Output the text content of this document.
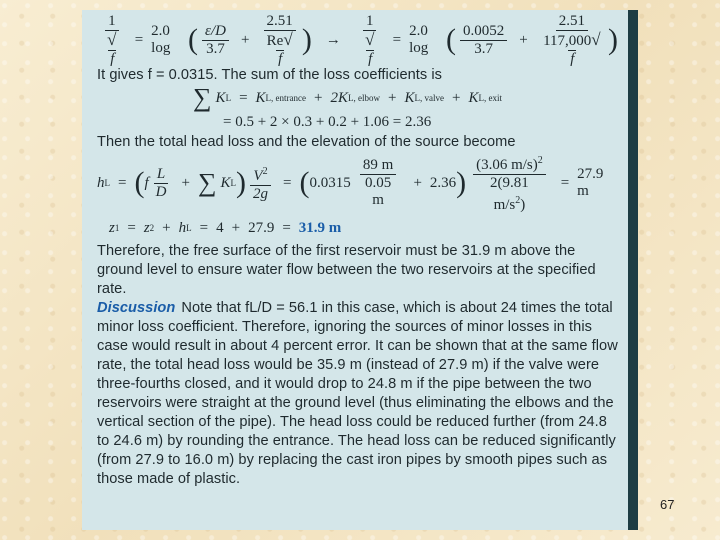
$\frac{1}{√f}$ =
2.0 log ( $\frac{\varepsilon/D}{3.7} + \frac{2.51}{Re√f}$ ) → $\frac{1}{√f}$ =
2.0 log ( $\frac{0.0052}{3.7} + \frac{2.51}{117,000√f}$ )
It gives f = 0.0315. The sum of the loss coefficients is
∑ K L = K L, entrance + 2K L, elbow + K L, valve + K L, exit
= 0.5 + 2 × 0.3 + 0.2 + 1.06 = 2.36
Then the total head loss and the elevation of the source become
h L = ( f $\frac{L}{D}$ + ∑ K L ) $\frac{V^2}{2g}$ = ( $0.0315 \frac{89 m}{0.05 m} + 2.36$ ) $\frac{(3.06 m/s)^2}{2(9.81 m/s^2)}$ =
27.9 m
z 1 = z 2 + h L = 4 + 27.9 = 31.9 m
Therefore, the free surface of the first reservoir must be 31.9 m above the ground level to ensure water flow between the two reservoirs at the specified rate.
Discussion Note that fL/D = 56.1 in this case, which is about 24 times the total minor loss coefficient. Therefore, ignoring the sources of minor losses in this case would result in about 4 percent error. It can be shown that at the same flow rate, the total head loss would be 35.9 m (instead of 27.9 m) if the valve were three-fourths closed, and it would drop to 24.8 m if the pipe between the two reservoirs were straight at the ground level (thus eliminating the elbows and the vertical section of the pipe). The head loss could be reduced further (from 24.8 to 24.6 m) by rounding the entrance. The head loss can be reduced significantly (from 27.9 to 16.0 m) by replacing the cast iron pipes by smooth pipes such as those made of plastic.
67
